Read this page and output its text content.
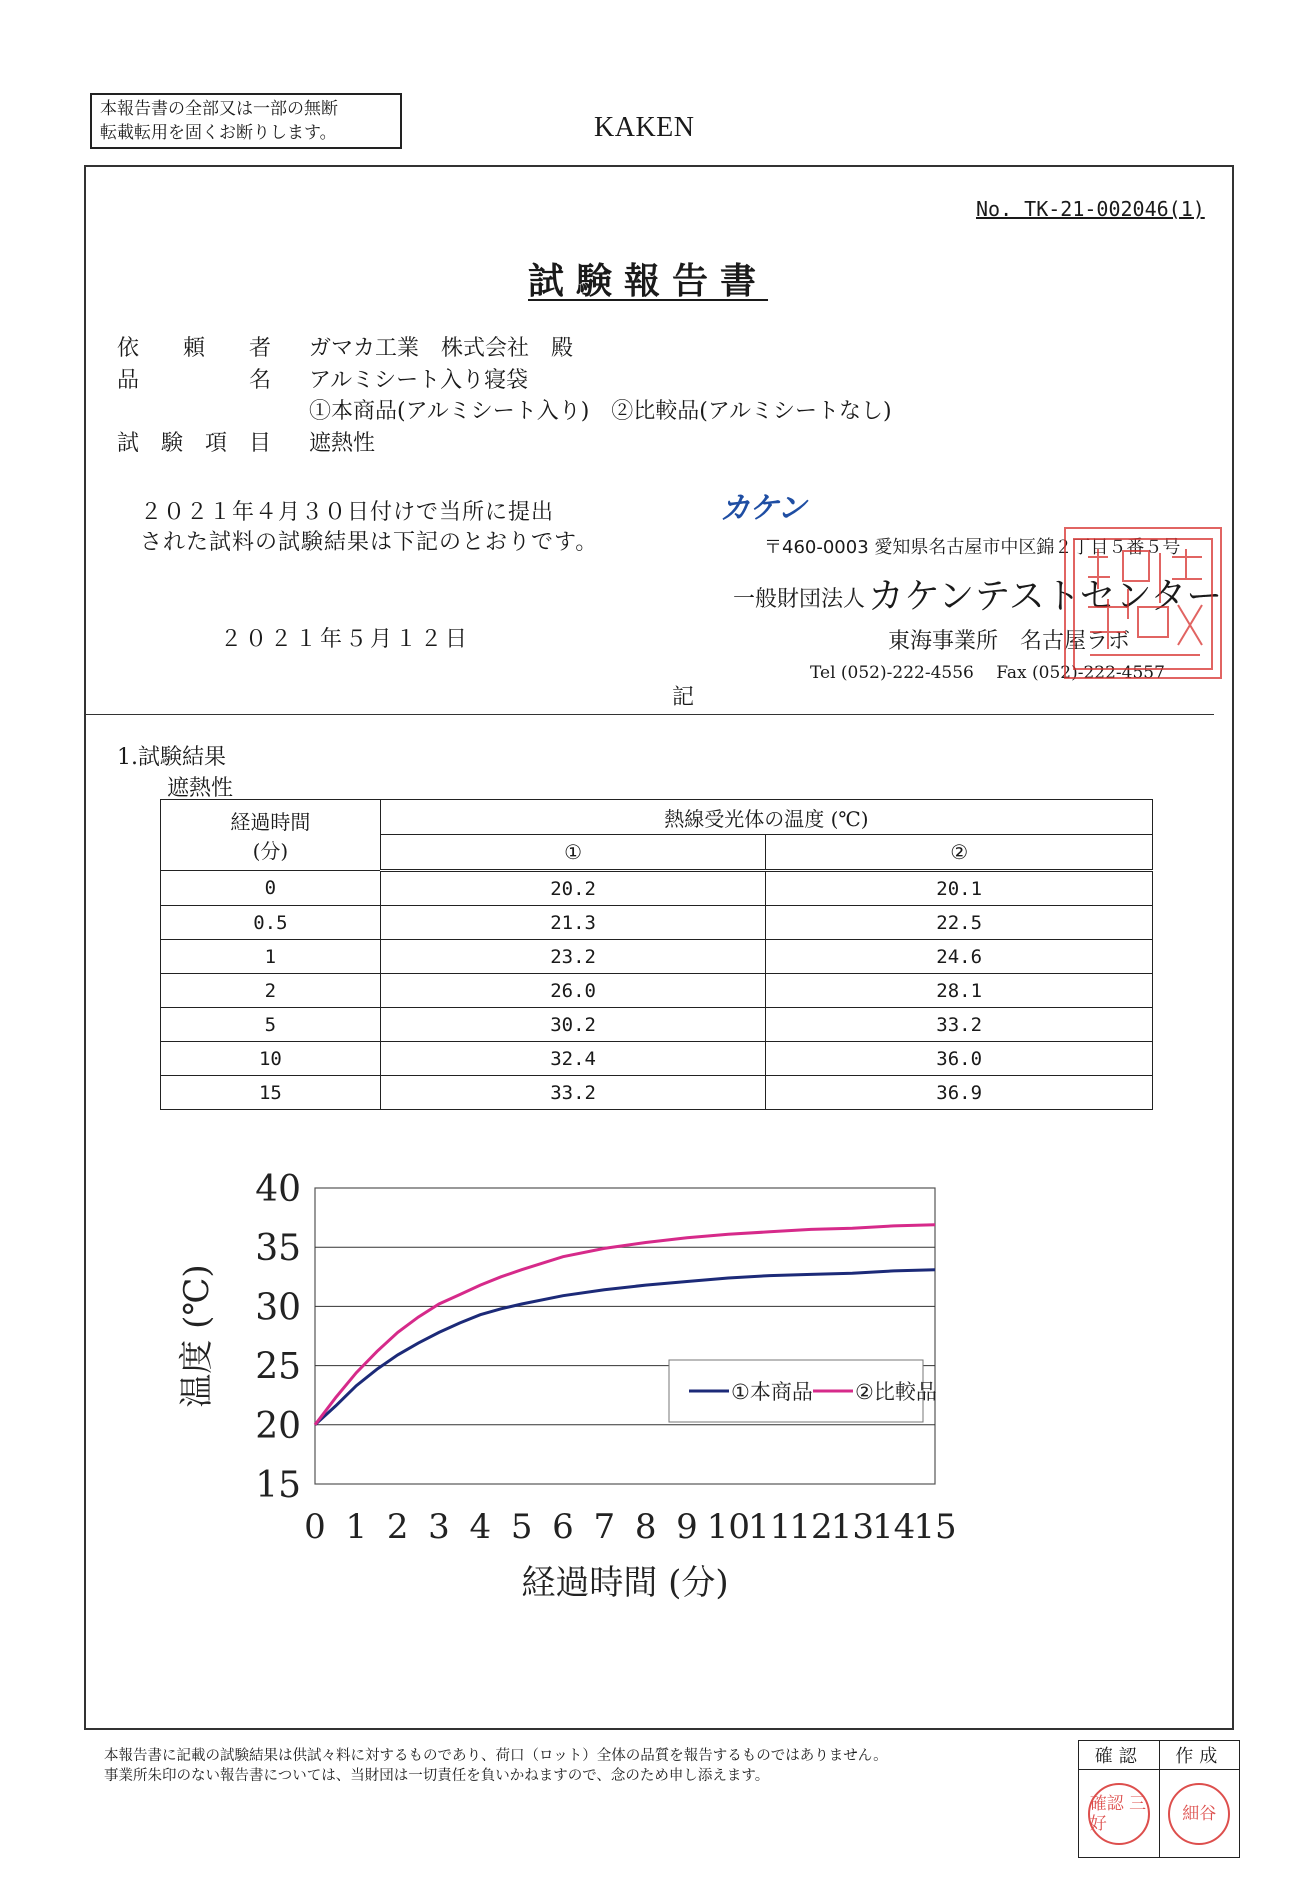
本報告書の全部又は一部の無断
転載転用を固くお断りします。	KAKEN
No. TK-21-002046(1)
試験報告書
依　　頼　　者 ガマカ工業　株式会社　殿
品　　　　　名 アルミシート入り寝袋
①本商品(アルミシート入り)　②比較品(アルミシートなし)
試　験　項　目 遮熱性
２０２１年４月３０日付けで当所に提出
された試料の試験結果は下記のとおりです。
カケン
〒460-0003 愛知県名古屋市中区錦２丁目５番５号
一般財団法人 カケンテストセンター
東海事業所　名古屋ラボ
Tel (052)-222-4556　 Fax (052)-222-4557
２０２１年５月１２日
記
1.試験結果
遮熱性
経過時間
(分)	熱線受光体の温度 (℃)	
	①	②
0	20.2	20.1
0.5	21.3	22.5
1	23.2	24.6
2	26.0	28.1
5	30.2	33.2
10	32.4	36.0
15	33.2	36.9
15
20
25
30
35
40
0 1 2 3 4 5 6 7 8 9 10
11
12
13
14
15
経過時間 (分)
温度 (℃)	①本商品 ②比較品
本報告書に記載の試験結果は供試々料に対するものであり、荷口（ロット）全体の品質を報告するものではありません。
事業所朱印のない報告書については、当財団は一切責任を負いかねますので、念のため申し添えます。
確認	作成
確認 三好	細谷
